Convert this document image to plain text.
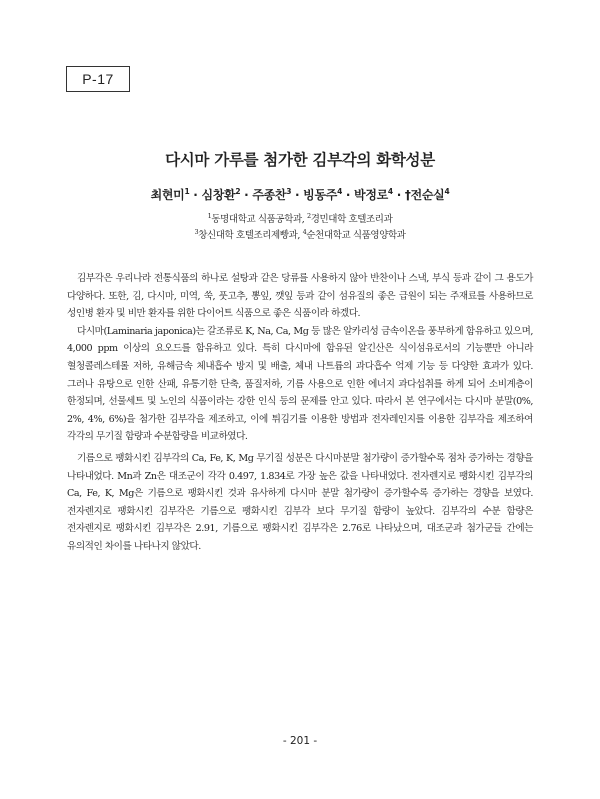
P-17
다시마 가루를 첨가한 김부각의 화학성분
최현미$^1$ · 심창환$^2$ · 주종찬$^3$ · 빙동주$^4$ · 박정로$^4$ · †전순실$^4$
$^1$동명대학교 식품공학과, $^2$경민대학 호텔조리과
$^3$창신대학 호텔조리제빵과, $^4$순천대학교 식품영양학과

김부각은 우리나라 전통식품의 하나로 설탕과 같은 당류를 사용하지 않아 반찬이나 스낵, 부식 등과 같이 그 용도가 다양하다. 또한, 김, 다시마, 미역, 쑥, 풋고추, 뽕잎, 깻잎 등과 같이 섬유질의 좋은 급원이 되는 주재료를 사용하므로 성인병 환자 및 비만 환자를 위한 다이어트 식품으로 좋은 식품이라 하겠다.

다시마(Laminaria japonica)는 갈조류로 K, Na, Ca, Mg 등 많은 알카리성 금속이온을 풍부하게 함유하고 있으며, 4,000 ppm 이상의 요오드를 함유하고 있다. 특히 다시마에 함유된 알긴산은 식이섬유로서의 기능뿐만 아니라 혈청콜레스테롤 저하, 유해금속 체내흡수 방지 및 배출, 체내 나트륨의 과다흡수 억제 기능 등 다양한 효과가 있다. 그러나 유탕으로 인한 산패, 유통기한 단축, 품질저하, 기름 사용으로 인한 에너지 과다섭취를 하게 되어 소비계층이 한정되며, 선물세트 및 노인의 식품이라는 강한 인식 등의 문제를 안고 있다. 따라서 본 연구에서는 다시마 분말(0%, 2%, 4%, 6%)을 첨가한 김부각을 제조하고, 이에 튀김기를 이용한 방법과 전자레인지를 이용한 김부각을 제조하여 각각의 무기질 함량과 수분함량을 비교하였다.

기름으로 팽화시킨 김부각의 Ca, Fe, K, Mg 무기질 성분은 다시마분말 첨가량이 증가할수록 점차 증가하는 경향을 나타내었다. Mn과 Zn은 대조군이 각각 0.497, 1.834로 가장 높은 값을 나타내었다. 전자렌지로 팽화시킨 김부각의 Ca, Fe, K, Mg은 기름으로 팽화시킨 것과 유사하게 다시마 분말 첨가량이 증가할수록 증가하는 경향을 보였다. 전자렌지로 팽화시킨 김부각은 기름으로 팽화시킨 김부각 보다 무기질 함량이 높았다. 김부각의 수분 함량은 전자렌지로 팽화시킨 김부각은 2.91, 기름으로 팽화시킨 김부각은 2.76로 나타났으며, 대조군과 첨가군들 간에는 유의적인 차이를 나타나지 않았다.

- 201 -
